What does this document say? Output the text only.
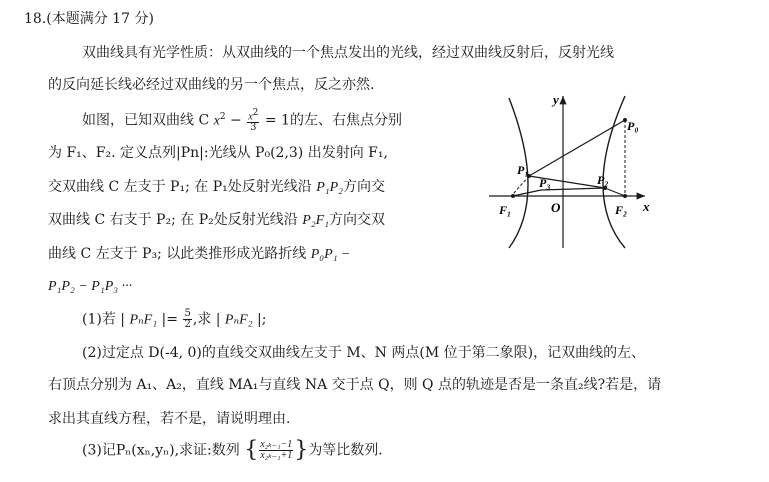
18.(本题满分 17 分)
双曲线具有光学性质：从双曲线的一个焦点发出的光线，经过双曲线反射后，反射光线
的反向延长线必经过双曲线的另一个焦点，反之亦然.
如图，已知双曲线 C $x^2 - \frac{x^2}{3} = 1$的左、右焦点分别
为 F₁、F₂. 定义点列|Pn|:光线从 P₀(2,3) 出发射向 F₁,
交双曲线 C 左支于 P₁; 在 P₁处反射光线沿 P₁P₂方向交
双曲线 C 右支于 P₂; 在 P₂处反射光线沿 P₂F₁方向交双
曲线 C 左支于 P₃; 以此类推形成光路折线 P₀P₁ −
P₁P₂ − P₁P₃ ···
(1)若 | PₙF₁ |= $\frac{5}{2}$ ,求 | PₙF₂ |;
(2)过定点 D(-4, 0)的直线交双曲线左支于 M、N 两点(M 位于第二象限)，记双曲线的左、
右顶点分别为 A₁、A₂，直线 MA₁与直线 NA 交于点 Q，则 Q 点的轨迹是否是一条直₂线?若是，请
求出其直线方程，若不是，请说明理由.
(3)记Pₙ(xₙ,yₙ),求证:数列 { $\frac{\text{x₂ₖ₋₁−1}}{\text{x₂ₖ₋₁+1}}$ }为等比数列.
y
x
O
P₀
P₁
P₃	P₂
F₁	F₂
